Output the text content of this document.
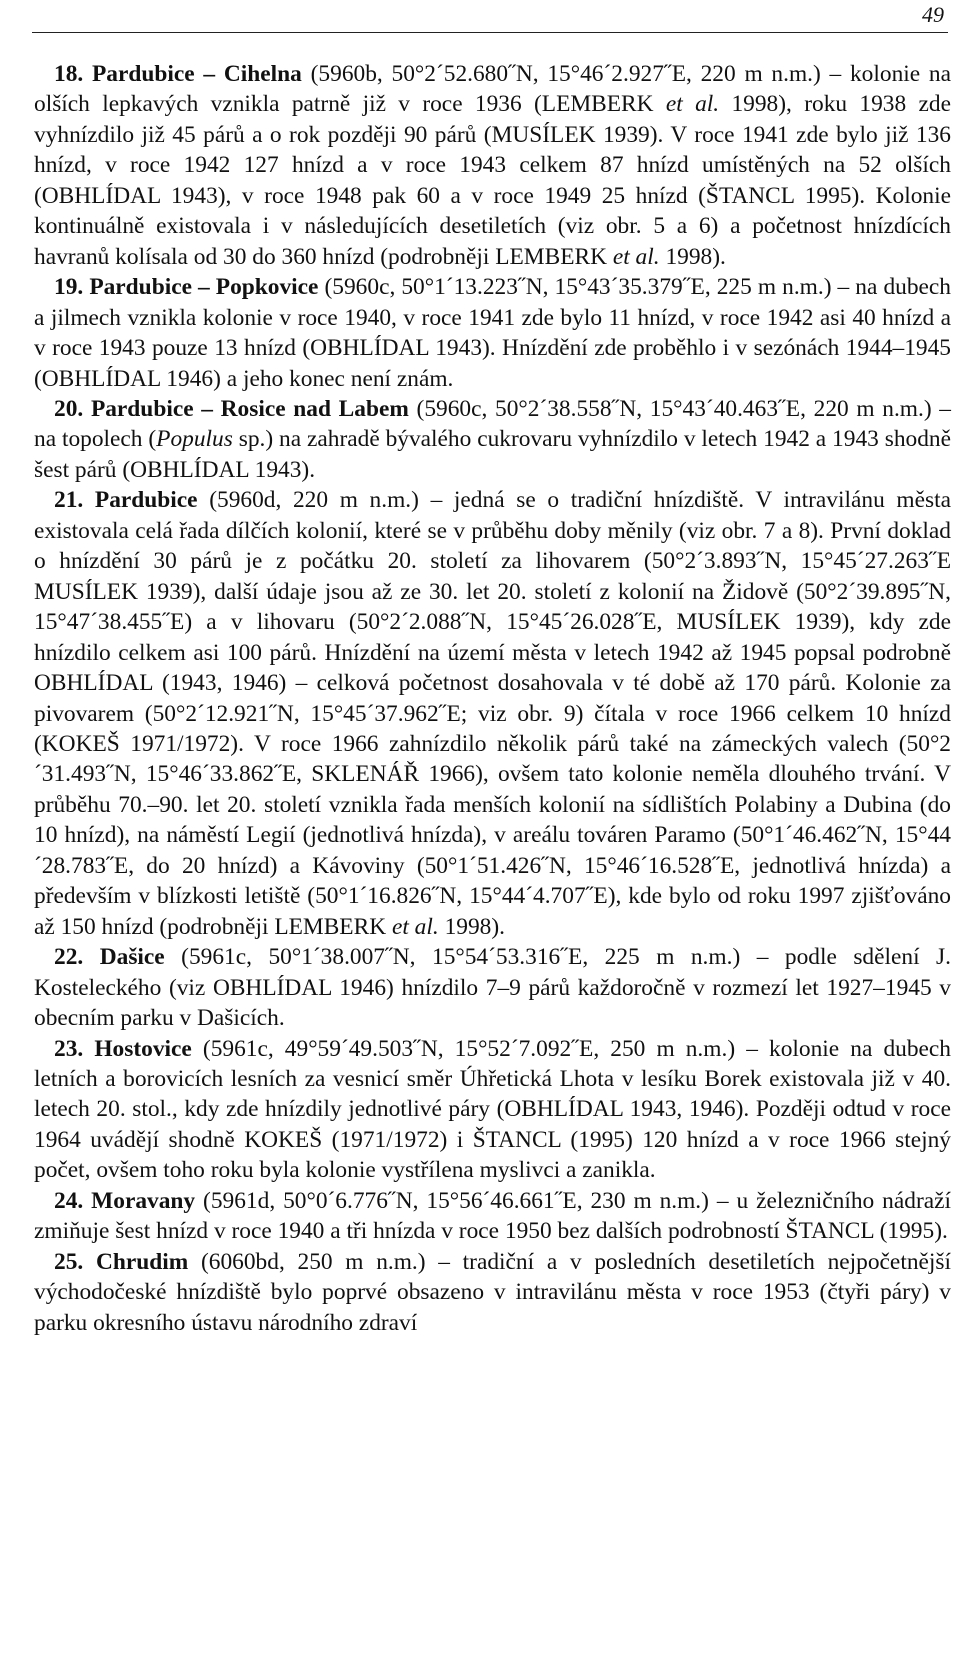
49

18. Pardubice – Cihelna (5960b, 50°2´52.680˝N, 15°46´2.927˝E, 220 m n.m.) – kolonie na olších lepkavých vznikla patrně již v roce 1936 (LEMBERK et al. 1998), roku 1938 zde vyhnízdilo již 45 párů a o rok později 90 párů (MUSÍLEK 1939). V roce 1941 zde bylo již 136 hnízd, v roce 1942 127 hnízd a v roce 1943 celkem 87 hnízd umístěných na 52 olších (OBHLÍDAL 1943), v roce 1948 pak 60 a v roce 1949 25 hnízd (ŠTANCL 1995). Kolonie kontinuálně existovala i v následujících desetiletích (viz obr. 5 a 6) a početnost hnízdících havranů kolísala od 30 do 360 hnízd (podrobněji LEMBERK et al. 1998).

19. Pardubice – Popkovice (5960c, 50°1´13.223˝N, 15°43´35.379˝E, 225 m n.m.) – na dubech a jilmech vznikla kolonie v roce 1940, v roce 1941 zde bylo 11 hnízd, v roce 1942 asi 40 hnízd a v roce 1943 pouze 13 hnízd (OBHLÍDAL 1943). Hnízdění zde proběhlo i v sezónách 1944–1945 (OBHLÍDAL 1946) a jeho konec není znám.

20. Pardubice – Rosice nad Labem (5960c, 50°2´38.558˝N, 15°43´40.463˝E, 220 m n.m.) – na topolech (Populus sp.) na zahradě bývalého cukrovaru vyhnízdilo v letech 1942 a 1943 shodně šest párů (OBHLÍDAL 1943).

21. Pardubice (5960d, 220 m n.m.) – jedná se o tradiční hnízdiště. V intravilánu města existovala celá řada dílčích kolonií, které se v průběhu doby měnily (viz obr. 7 a 8). První doklad o hnízdění 30 párů je z počátku 20. století za lihovarem (50°2´3.893˝N, 15°45´27.263˝E MUSÍLEK 1939), další údaje jsou až ze 30. let 20. století z kolonií na Židově (50°2´39.895˝N, 15°47´38.455˝E) a v lihovaru (50°2´2.088˝N, 15°45´26.028˝E, MUSÍLEK 1939), kdy zde hnízdilo celkem asi 100 párů. Hnízdění na území města v letech 1942 až 1945 popsal podrobně OBHLÍDAL (1943, 1946) – celková početnost dosahovala v té době až 170 párů. Kolonie za pivovarem (50°2´12.921˝N, 15°45´37.962˝E; viz obr. 9) čítala v roce 1966 celkem 10 hnízd (KOKEŠ 1971/1972). V roce 1966 zahnízdilo několik párů také na zámeckých valech (50°2´31.493˝N, 15°46´33.862˝E, SKLENÁŘ 1966), ovšem tato kolonie neměla dlouhého trvání. V průběhu 70.–90. let 20. století vznikla řada menších kolonií na sídlištích Polabiny a Dubina (do 10 hnízd), na náměstí Legií (jednotlivá hnízda), v areálu továren Paramo (50°1´46.462˝N, 15°44´28.783˝E, do 20 hnízd) a Kávoviny (50°1´51.426˝N, 15°46´16.528˝E, jednotlivá hnízda) a především v blízkosti letiště (50°1´16.826˝N, 15°44´4.707˝E), kde bylo od roku 1997 zjišťováno až 150 hnízd (podrobněji LEMBERK et al. 1998).

22. Dašice (5961c, 50°1´38.007˝N, 15°54´53.316˝E, 225 m n.m.) – podle sdělení J. Kosteleckého (viz OBHLÍDAL 1946) hnízdilo 7–9 párů každoročně v rozmezí let 1927–1945 v obecním parku v Dašicích.

23. Hostovice (5961c, 49°59´49.503˝N, 15°52´7.092˝E, 250 m n.m.) – kolonie na dubech letních a borovicích lesních za vesnicí směr Úhřetická Lhota v lesíku Borek existovala již v 40. letech 20. stol., kdy zde hnízdily jednotlivé páry (OBHLÍDAL 1943, 1946). Později odtud v roce 1964 uvádějí shodně KOKEŠ (1971/1972) i ŠTANCL (1995) 120 hnízd a v roce 1966 stejný počet, ovšem toho roku byla kolonie vystřílena myslivci a zanikla.

24. Moravany (5961d, 50°0´6.776˝N, 15°56´46.661˝E, 230 m n.m.) – u železničního nádraží zmiňuje šest hnízd v roce 1940 a tři hnízda v roce 1950 bez dalších podrobností ŠTANCL (1995).

25. Chrudim (6060bd, 250 m n.m.) – tradiční a v posledních desetiletích nejpočetnější východočeské hnízdiště bylo poprvé obsazeno v intravilánu města v roce 1953 (čtyři páry) v parku okresního ústavu národního zdraví
